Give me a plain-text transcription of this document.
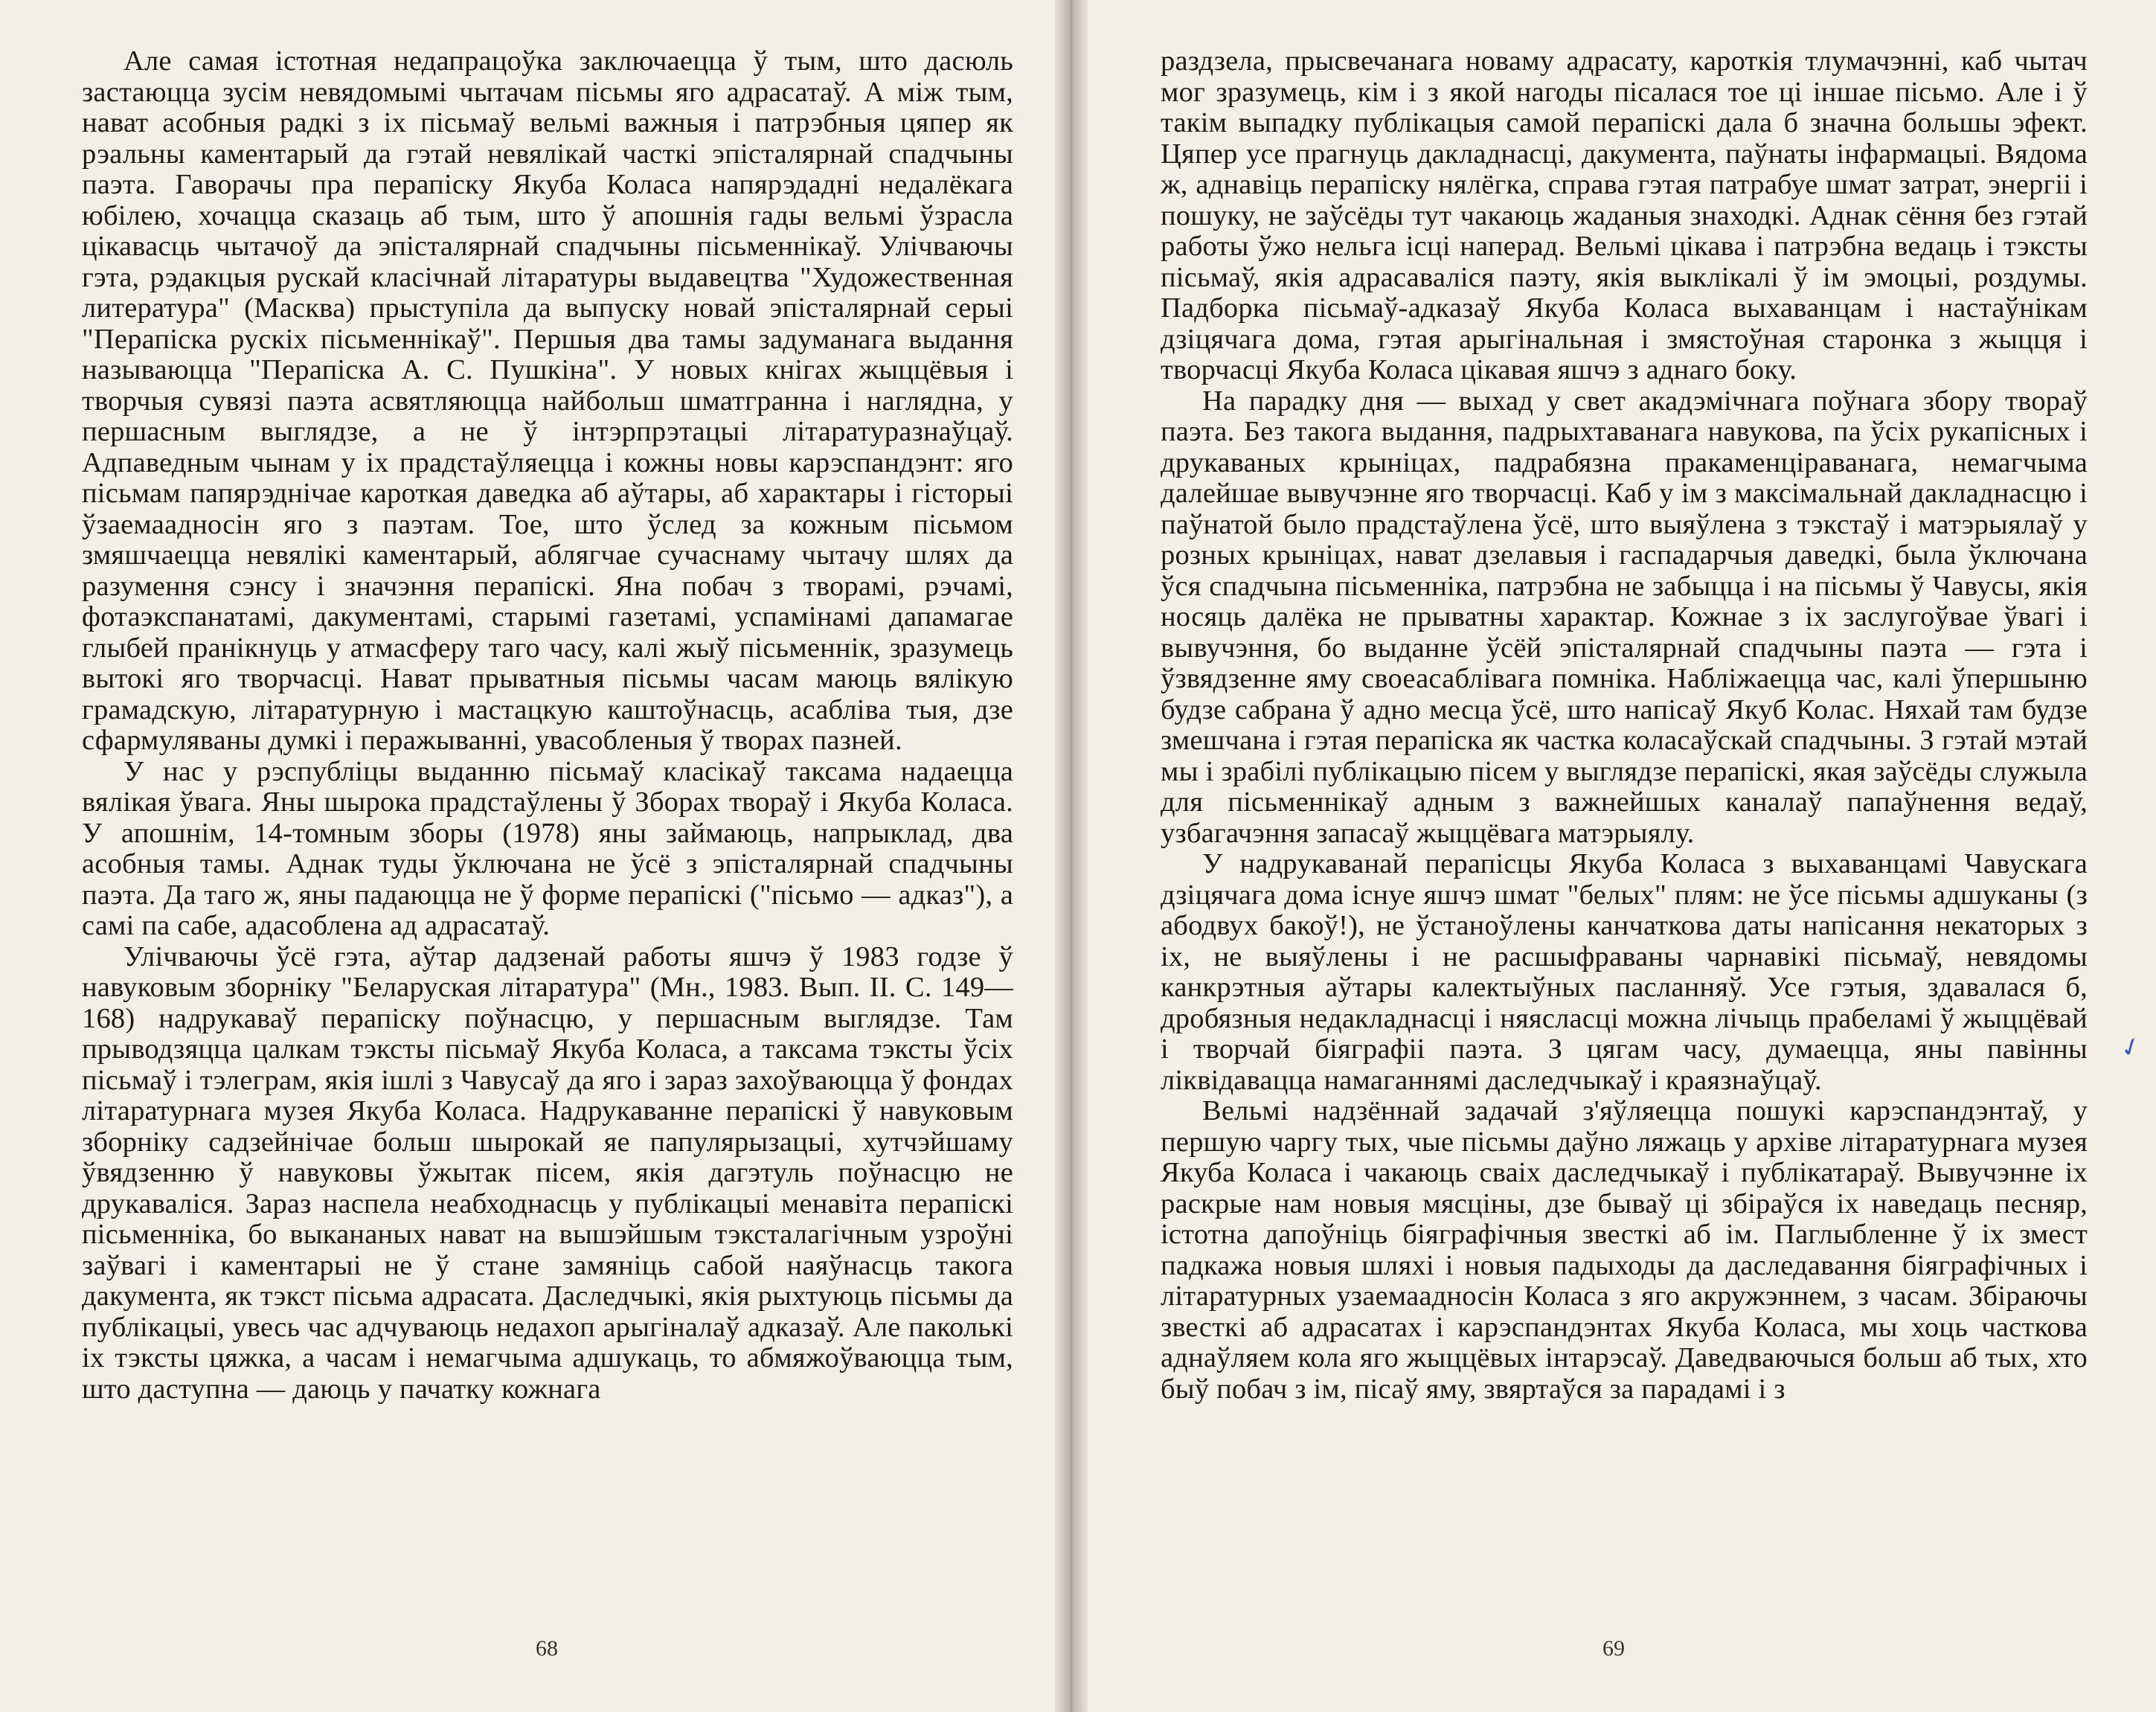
Але самая істотная недапрацоўка заключаецца ў тым, што дасюль застаюцца зусім невядомымі чытачам пісьмы яго адрасатаў. А між тым, нават асобныя радкі з іх пісьмаў вельмі важныя і патрэбныя цяпер як рэальны каментарый да гэтай невялікай часткі эпісталярнай спадчыны паэта. Гаворачы пра перапіску Якуба Коласа напярэдадні недалёкага юбілею, хочацца сказаць аб тым, што ў апошнія гады вельмі ўзрасла цікавасць чытачоў да эпісталярнай спадчыны пісьменнікаў. Улічваючы гэта, рэдакцыя рускай класічнай літаратуры выдавецтва "Художественная литература" (Масква) прыступіла да выпуску новай эпісталярнай серыі "Перапіска рускіх пісьменнікаў". Першыя два тамы задуманага выдання называюцца "Перапіска А. С. Пушкіна". У новых кнігах жыццёвыя і творчыя сувязі паэта асвятляюцца найбольш шматгранна і наглядна, у першасным выглядзе, а не ў інтэрпрэтацыі літаратуразнаўцаў. Адпаведным чынам у іх прадстаўляецца і кожны новы карэспандэнт: яго пісьмам папярэднічае кароткая даведка аб аўтары, аб характары і гісторыі ўзаемаадносін яго з паэтам. Тое, што ўслед за кожным пісьмом змяшчаецца невялікі каментарый, аблягчае сучаснаму чытачу шлях да разумення сэнсу і значэння перапіскі. Яна побач з творамі, рэчамі, фотаэкспанатамі, дакументамі, старымі газетамі, успамінамі дапамагае глыбей пранікнуць у атмасферу таго часу, калі жыў пісьменнік, зразумець вытокі яго творчасці. Нават прыватныя пісьмы часам маюць вялікую грамадскую, літаратурную і мастацкую каштоўнасць, асабліва тыя, дзе сфармуляваны думкі і перажыванні, увасобленыя ў творах пазней.

У нас у рэспубліцы выданню пісьмаў класікаў таксама надаецца вялікая ўвага. Яны шырока прадстаўлены ў Зборах твораў і Якуба Коласа. У апошнім, 14-томным зборы (1978) яны займаюць, напрыклад, два асобныя тамы. Аднак туды ўключана не ўсё з эпісталярнай спадчыны паэта. Да таго ж, яны падаюцца не ў форме перапіскі ("пісьмо — адказ"), а самі па сабе, адасоблена ад адрасатаў.

Улічваючы ўсё гэта, аўтар дадзенай работы яшчэ ў 1983 годзе ў навуковым зборніку "Беларуская літаратура" (Мн., 1983. Вып. II. С. 149—168) надрукаваў перапіску поўнасцю, у першасным выглядзе. Там прыводзяцца цалкам тэксты пісьмаў Якуба Коласа, а таксама тэксты ўсіх пісьмаў і тэлеграм, якія ішлі з Чавусаў да яго і зараз захоўваюцца ў фондах літаратурнага музея Якуба Коласа. Надрукаванне перапіскі ў навуковым зборніку садзейнічае больш шырокай яе папулярызацыі, хутчэйшаму ўвядзенню ў навуковы ўжытак пісем, якія дагэтуль поўнасцю не друкаваліся. Зараз наспела неабходнасць у публікацыі менавіта перапіскі пісьменніка, бо выкананых нават на вышэйшым тэксталагічным узроўні заўвагі і каментарыі не ў стане замяніць сабой наяўнасць такога дакумента, як тэкст пісьма адрасата. Даследчыкі, якія рыхтуюць пісьмы да публікацыі, увесь час адчуваюць недахоп арыгіналаў адказаў. Але паколькі іх тэксты цяжка, а часам і немагчыма адшукаць, то абмяжоўваюцца тым, што даступна — даюць у пачатку кожнага

68

раздзела, прысвечанага новаму адрасату, кароткія тлумачэнні, каб чытач мог зразумець, кім і з якой нагоды пісалася тое ці іншае пісьмо. Але і ў такім выпадку публікацыя самой перапіскі дала б значна большы эфект. Цяпер усе прагнуць дакладнасці, дакумента, паўнаты інфармацыі. Вядома ж, аднавіць перапіску нялёгка, справа гэтая патрабуе шмат затрат, энергіі і пошуку, не заўсёды тут чакаюць жаданыя знаходкі. Аднак сёння без гэтай работы ўжо нельга ісці наперад. Вельмі цікава і патрэбна ведаць і тэксты пісьмаў, якія адрасаваліся паэту, якія выклікалі ў ім эмоцыі, роздумы. Падборка пісьмаў-адказаў Якуба Коласа выхаванцам і настаўнікам дзіцячага дома, гэтая арыгінальная і змястоўная старонка з жыцця і творчасці Якуба Коласа цікавая яшчэ з аднаго боку.

На парадку дня — выхад у свет акадэмічнага поўнага збору твораў паэта. Без такога выдання, падрыхтаванага навукова, па ўсіх рукапісных і друкаваных крыніцах, падрабязна пракаменціраванага, немагчыма далейшае вывучэнне яго творчасці. Каб у ім з максімальнай дакладнасцю і паўнатой было прадстаўлена ўсё, што выяўлена з тэкстаў і матэрыялаў у розных крыніцах, нават дзелавыя і гаспадарчыя даведкі, была ўключана ўся спадчына пісьменніка, патрэбна не забыцца і на пісьмы ў Чавусы, якія носяць далёка не прыватны характар. Кожнае з іх заслугоўвае ўвагі і вывучэння, бо выданне ўсёй эпісталярнай спадчыны паэта — гэта і ўзвядзенне яму своеасаблівага помніка. Набліжаецца час, калі ўпершыню будзе сабрана ў адно месца ўсё, што напісаў Якуб Колас. Няхай там будзе змешчана і гэтая перапіска як частка коласаўскай спадчыны. З гэтай мэтай мы і зрабілі публікацыю пісем у выглядзе перапіскі, якая заўсёды служыла для пісьменнікаў адным з важнейшых каналаў папаўнення ведаў, узбагачэння запасаў жыццёвага матэрыялу.

У надрукаванай перапісцы Якуба Коласа з выхаванцамі Чавускага дзіцячага дома існуе яшчэ шмат "белых" плям: не ўсе пісьмы адшуканы (з абодвух бакоў!), не ўстаноўлены канчаткова даты напісання некаторых з іх, не выяўлены і не расшыфраваны чарнавікі пісьмаў, невядомы канкрэтныя аўтары калектыўных пасланняў. Усе гэтыя, здавалася б, дробязныя недакладнасці і няясласці можна лічыць прабеламі ў жыццёвай і творчай біяграфіі паэта. З цягам часу, думаецца, яны павінны ліквідавацца намаганнямі даследчыкаў і краязнаўцаў.

Вельмі надзённай задачай з'яўляецца пошукі карэспандэнтаў, у першую чаргу тых, чые пісьмы даўно ляжаць у архіве літаратурнага музея Якуба Коласа і чакаюць сваіх даследчыкаў і публікатараў. Вывучэнне іх раскрые нам новыя мясціны, дзе бываў ці збіраўся іх наведаць песняр, істотна дапоўніць біяграфічныя звесткі аб ім. Паглыбленне ў іх змест падкажа новыя шляхі і новыя падыходы да даследавання біяграфічных і літаратурных узаемаадносін Коласа з яго акружэннем, з часам. Збіраючы звесткі аб адрасатах і карэспандэнтах Якуба Коласа, мы хоць часткова аднаўляем кола яго жыццёвых інтарэсаў. Даведваючыся больш аб тых, хто быў побач з ім, пісаў яму, звяртаўся за парадамі і з

✓
69
